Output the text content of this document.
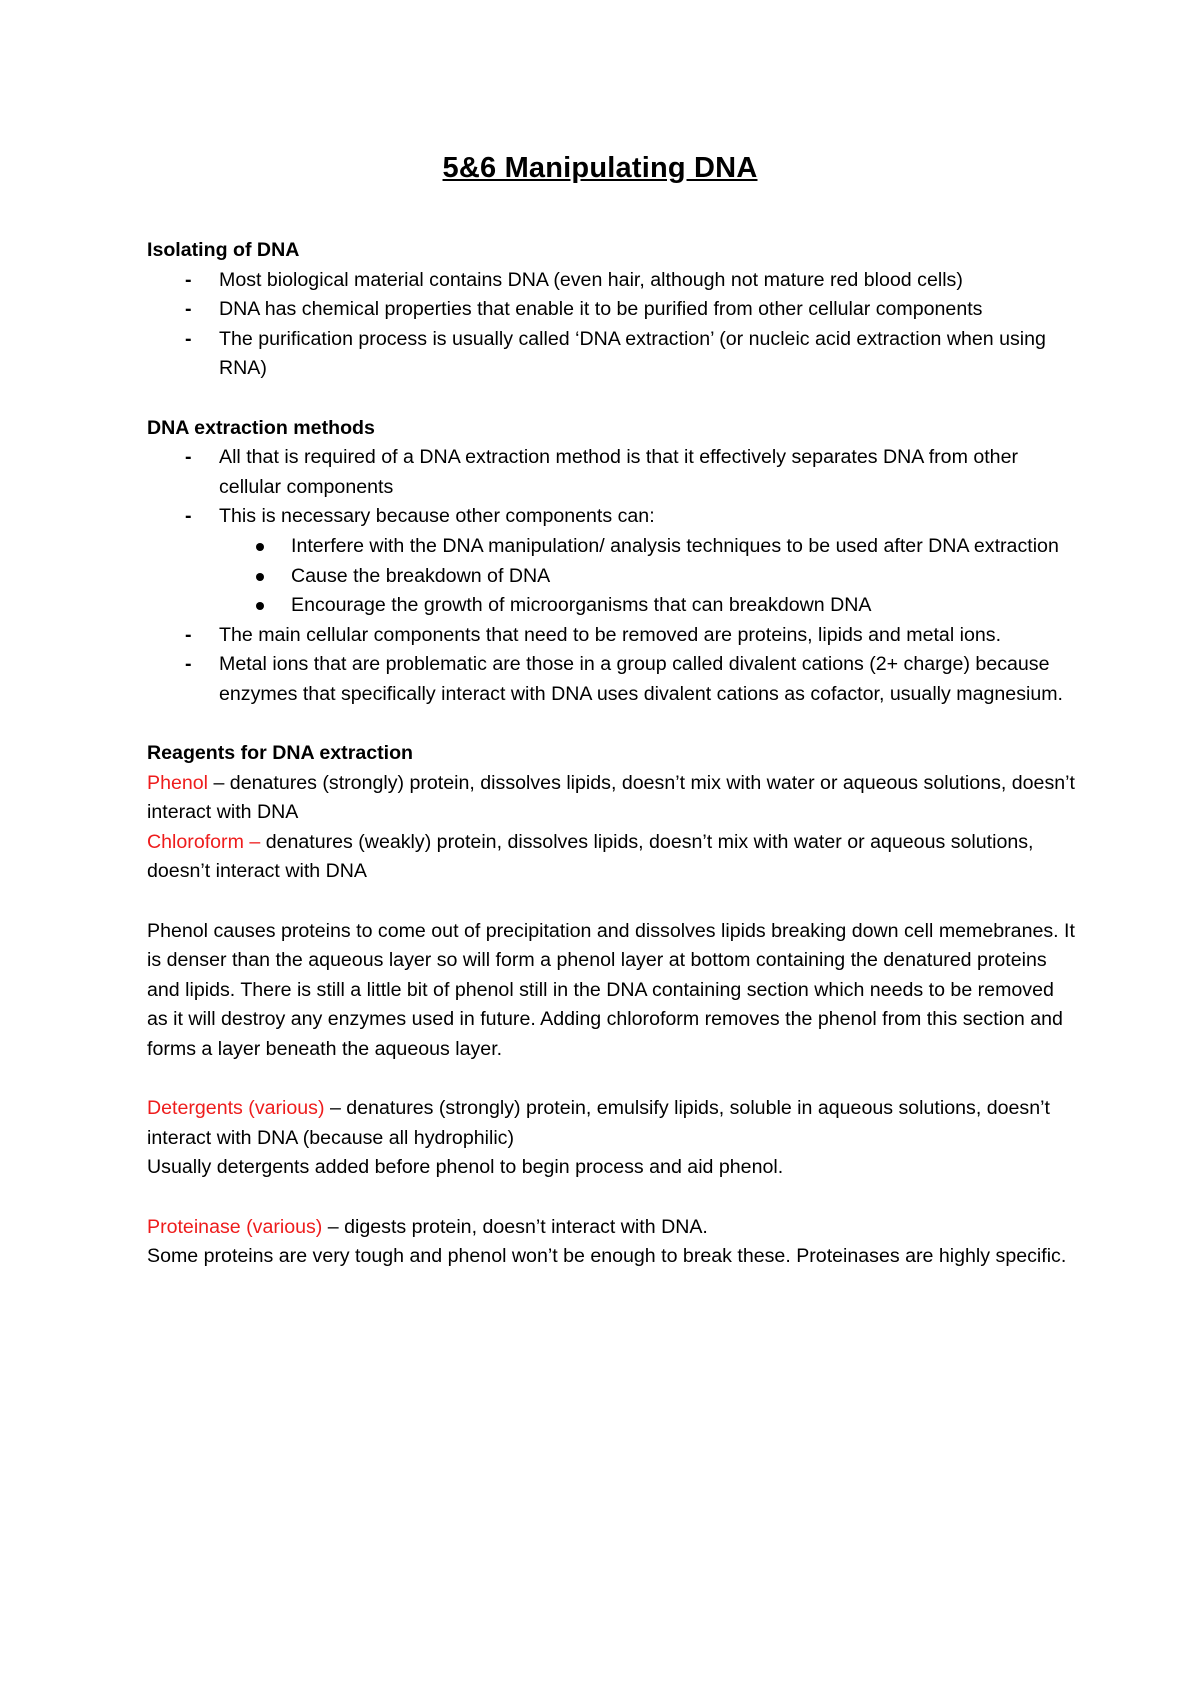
5&6 Manipulating DNA

Isolating of DNA

- Most biological material contains DNA (even hair, although not mature red blood cells)
- DNA has chemical properties that enable it to be purified from other cellular components
- The purification process is usually called ‘DNA extraction’ (or nucleic acid extraction when using RNA)

DNA extraction methods

- All that is required of a DNA extraction method is that it effectively separates DNA from other cellular components
- This is necessary because other components can:
Interfere with the DNA manipulation/ analysis techniques to be used after DNA extraction
Cause the breakdown of DNA
Encourage the growth of microorganisms that can breakdown DNA
- The main cellular components that need to be removed are proteins, lipids and metal ions.
- Metal ions that are problematic are those in a group called divalent cations (2+ charge) because enzymes that specifically interact with DNA uses divalent cations as cofactor, usually magnesium.

Reagents for DNA extraction

Phenol – denatures (strongly) protein, dissolves lipids, doesn’t mix with water or aqueous solutions, doesn’t interact with DNA

Chloroform – denatures (weakly) protein, dissolves lipids, doesn’t mix with water or aqueous solutions, doesn’t interact with DNA

Phenol causes proteins to come out of precipitation and dissolves lipids breaking down cell memebranes. It is denser than the aqueous layer so will form a phenol layer at bottom containing the denatured proteins and lipids. There is still a little bit of phenol still in the DNA containing section which needs to be removed as it will destroy any enzymes used in future. Adding chloroform removes the phenol from this section and forms a layer beneath the aqueous layer.

Detergents (various) – denatures (strongly) protein, emulsify lipids, soluble in aqueous solutions, doesn’t interact with DNA (because all hydrophilic)

Usually detergents added before phenol to begin process and aid phenol.

Proteinase (various) – digests protein, doesn’t interact with DNA.

Some proteins are very tough and phenol won’t be enough to break these. Proteinases are highly specific.
